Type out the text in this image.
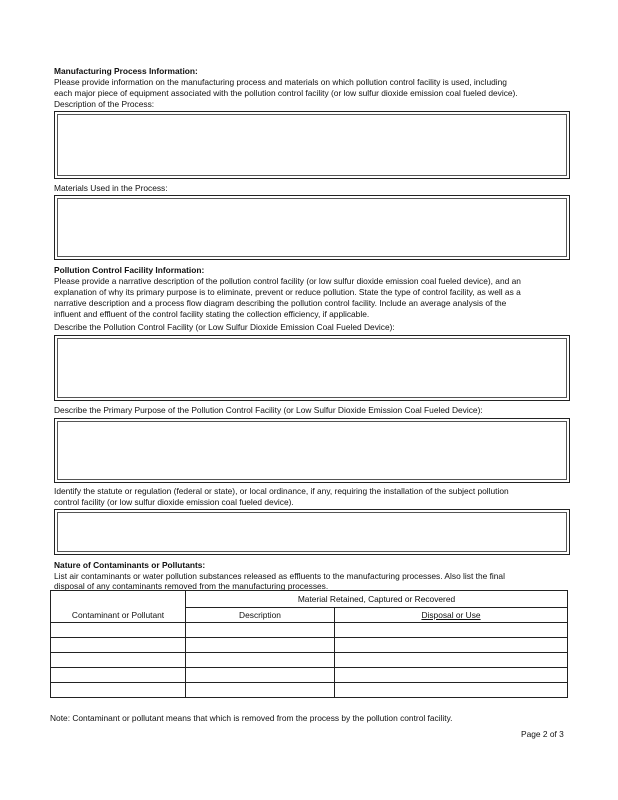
Manufacturing Process Information:
Please provide information on the manufacturing process and materials on which pollution control facility is used, including
each major piece of equipment associated with the pollution control facility (or low sulfur dioxide emission coal fueled device).
Description of the Process:
Materials Used in the Process:
Pollution Control Facility Information:
Please provide a narrative description of the pollution control facility (or low sulfur dioxide emission coal fueled device), and an
explanation of why its primary purpose is to eliminate, prevent or reduce pollution. State the type of control facility, as well as a
narrative description and a process flow diagram describing the pollution control facility. Include an average analysis of the
influent and effluent of the control facility stating the collection efficiency, if applicable.
Describe the Pollution Control Facility (or Low Sulfur Dioxide Emission Coal Fueled Device):
Describe the Primary Purpose of the Pollution Control Facility (or Low Sulfur Dioxide Emission Coal Fueled Device):
Identify the statute or regulation (federal or state), or local ordinance, if any, requiring the installation of the subject pollution
control facility (or low sulfur dioxide emission coal fueled device).
Nature of Contaminants or Pollutants:
List air contaminants or water pollution substances released as effluents to the manufacturing processes. Also list the final
disposal of any contaminants removed from the manufacturing processes.
	Material Retained, Captured or Recovered	
Contaminant or Pollutant	Description	Disposal or Use

Note: Contaminant or pollutant means that which is removed from the process by the pollution control facility.
Page 2 of 3
